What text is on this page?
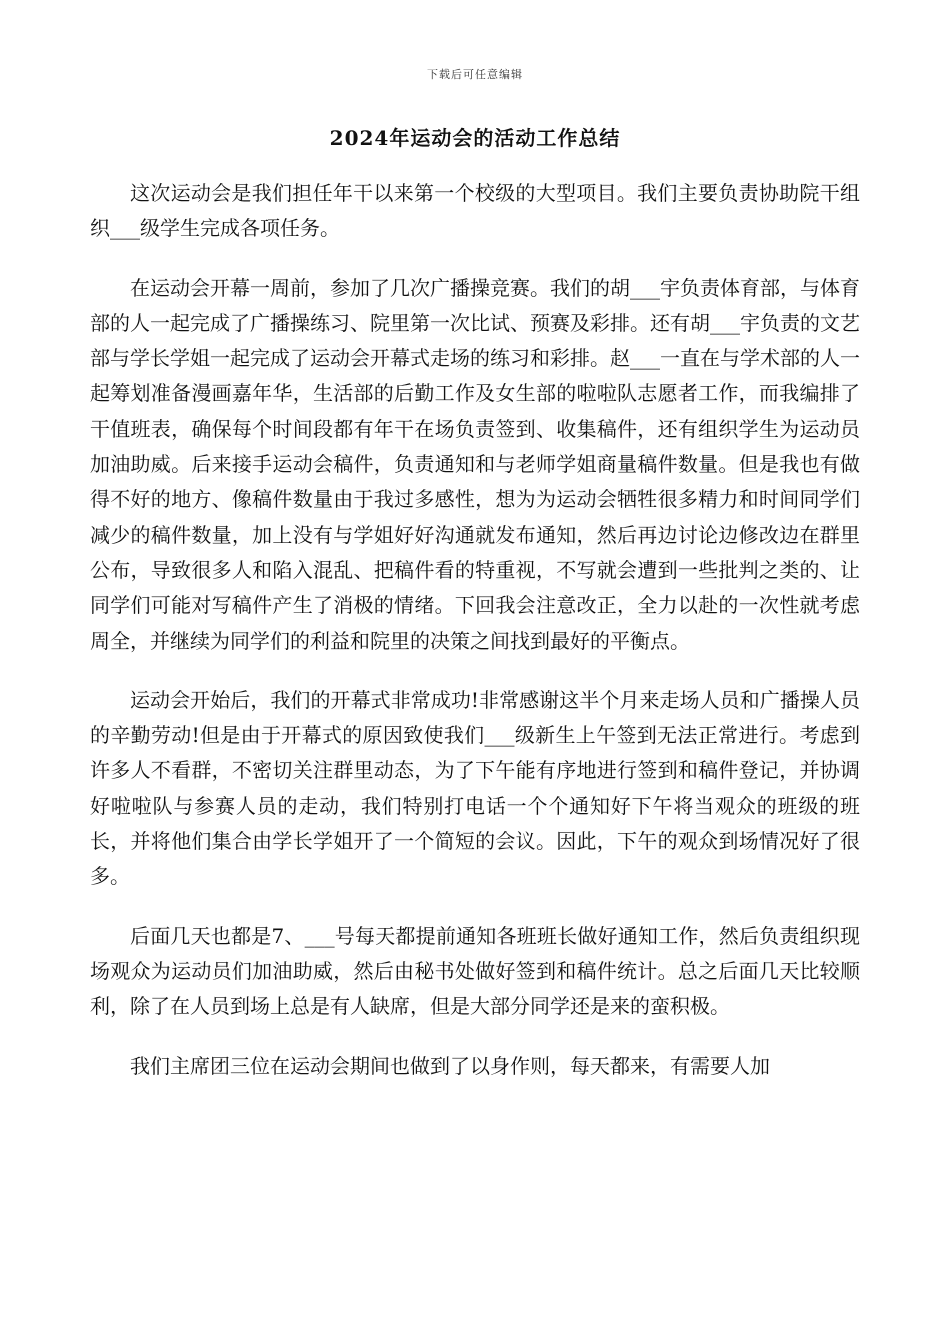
下载后可任意编辑
2024年运动会的活动工作总结

这次运动会是我们担任年干以来第一个校级的大型项目。我们主要负责协助院干组织___级学生完成各项任务。

在运动会开幕一周前，参加了几次广播操竞赛。我们的胡___宇负责体育部，与体育部的人一起完成了广播操练习、院里第一次比试、预赛及彩排。还有胡___宇负责的文艺部与学长学姐一起完成了运动会开幕式走场的练习和彩排。赵___一直在与学术部的人一起筹划准备漫画嘉年华，生活部的后勤工作及女生部的啦啦队志愿者工作，而我编排了干值班表，确保每个时间段都有年干在场负责签到、收集稿件，还有组织学生为运动员加油助威。后来接手运动会稿件，负责通知和与老师学姐商量稿件数量。但是我也有做得不好的地方、像稿件数量由于我过多感性，想为为运动会牺牲很多精力和时间同学们减少的稿件数量，加上没有与学姐好好沟通就发布通知，然后再边讨论边修改边在群里公布，导致很多人和陷入混乱、把稿件看的特重视，不写就会遭到一些批判之类的、让同学们可能对写稿件产生了消极的情绪。下回我会注意改正，全力以赴的一次性就考虑周全，并继续为同学们的利益和院里的决策之间找到最好的平衡点。

运动会开始后，我们的开幕式非常成功!非常感谢这半个月来走场人员和广播操人员的辛勤劳动!但是由于开幕式的原因致使我们___级新生上午签到无法正常进行。考虑到许多人不看群，不密切关注群里动态，为了下午能有序地进行签到和稿件登记，并协调好啦啦队与参赛人员的走动，我们特别打电话一个个通知好下午将当观众的班级的班长，并将他们集合由学长学姐开了一个简短的会议。因此，下午的观众到场情况好了很多。

后面几天也都是7、___号每天都提前通知各班班长做好通知工作，然后负责组织现场观众为运动员们加油助威，然后由秘书处做好签到和稿件统计。总之后面几天比较顺利，除了在人员到场上总是有人缺席，但是大部分同学还是来的蛮积极。

我们主席团三位在运动会期间也做到了以身作则，每天都来，有需要人加
